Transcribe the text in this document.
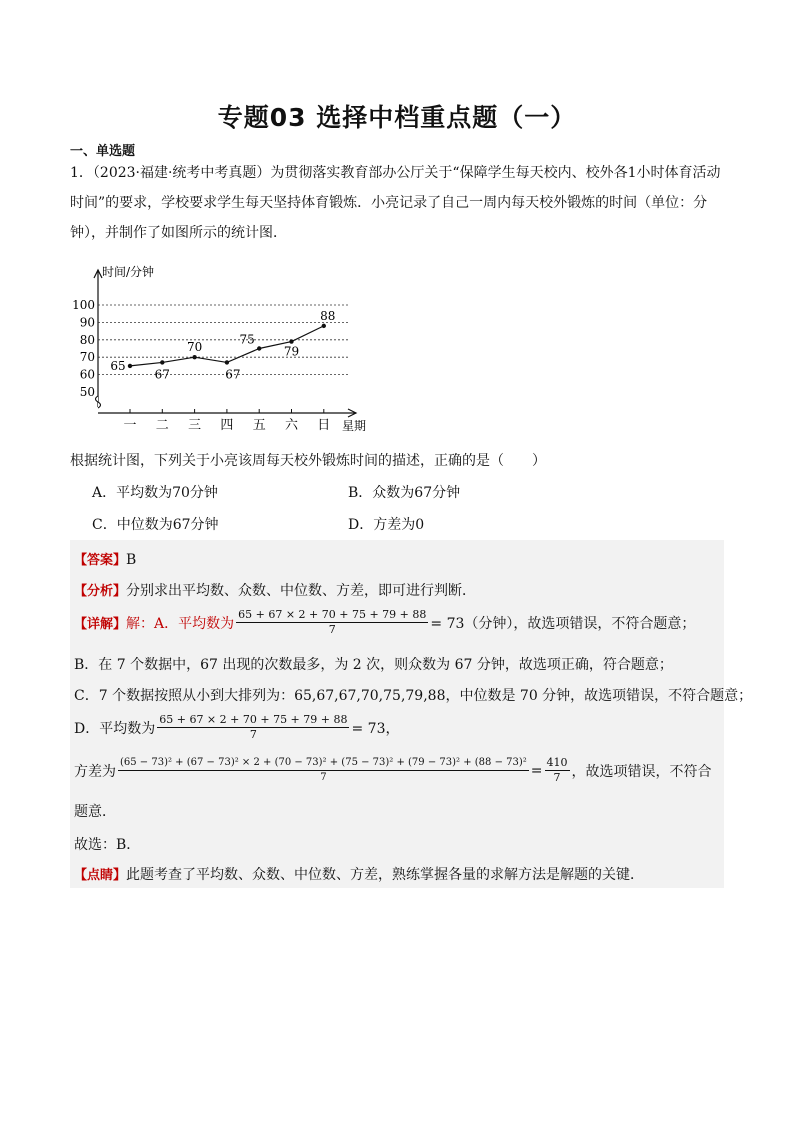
专题03 选择中档重点题（一）
一、单选题

1．（2023·福建·统考中考真题）为贯彻落实教育部办公厅关于“保障学生每天校内、校外各1小时体育活动

时间”的要求，学校要求学生每天坚持体育锻炼．小亮记录了自己一周内每天校外锻炼的时间（单位：分

钟），并制作了如图所示的统计图．

时间/分钟
星期
50
60
70
80
90
100
一 二 三 四 五 六 日
65
67
70
67
75
79
88
根据统计图，下列关于小亮该周每天校外锻炼时间的描述，正确的是（　　）
A．平均数为70分钟	B．众数为67分钟
C．中位数为67分钟	D．方差为0
【答案】B
【分析】分别求出平均数、众数、中位数、方差，即可进行判断．
【详解】 解：A．平均数为 $\frac{65 + 67 \times 2 + 70 + 75 + 79 + 88}{7} = 73$（分钟），故选项错误，不符合题意；
B．在 7 个数据中，67 出现的次数最多，为 2 次，则众数为 67 分钟，故选项正确，符合题意；
C．7 个数据按照从小到大排列为：65,67,67,70,75,79,88，中位数是 70 分钟，故选项错误，不符合题意；
D．平均数为 $\frac{65 + 67 \times 2 + 70 + 75 + 79 + 88}{7} = 73$，
方差为
(65 − 73)² + (67 − 73)² × 2 + (70 − 73)² + (75 − 73)² + (79 − 73)² + (88 − 73)²
7	= $\frac{410}{7}$ ，故选项错误，不符合
题意．
故选：B．
【点睛】此题考查了平均数、众数、中位数、方差，熟练掌握各量的求解方法是解题的关键．
